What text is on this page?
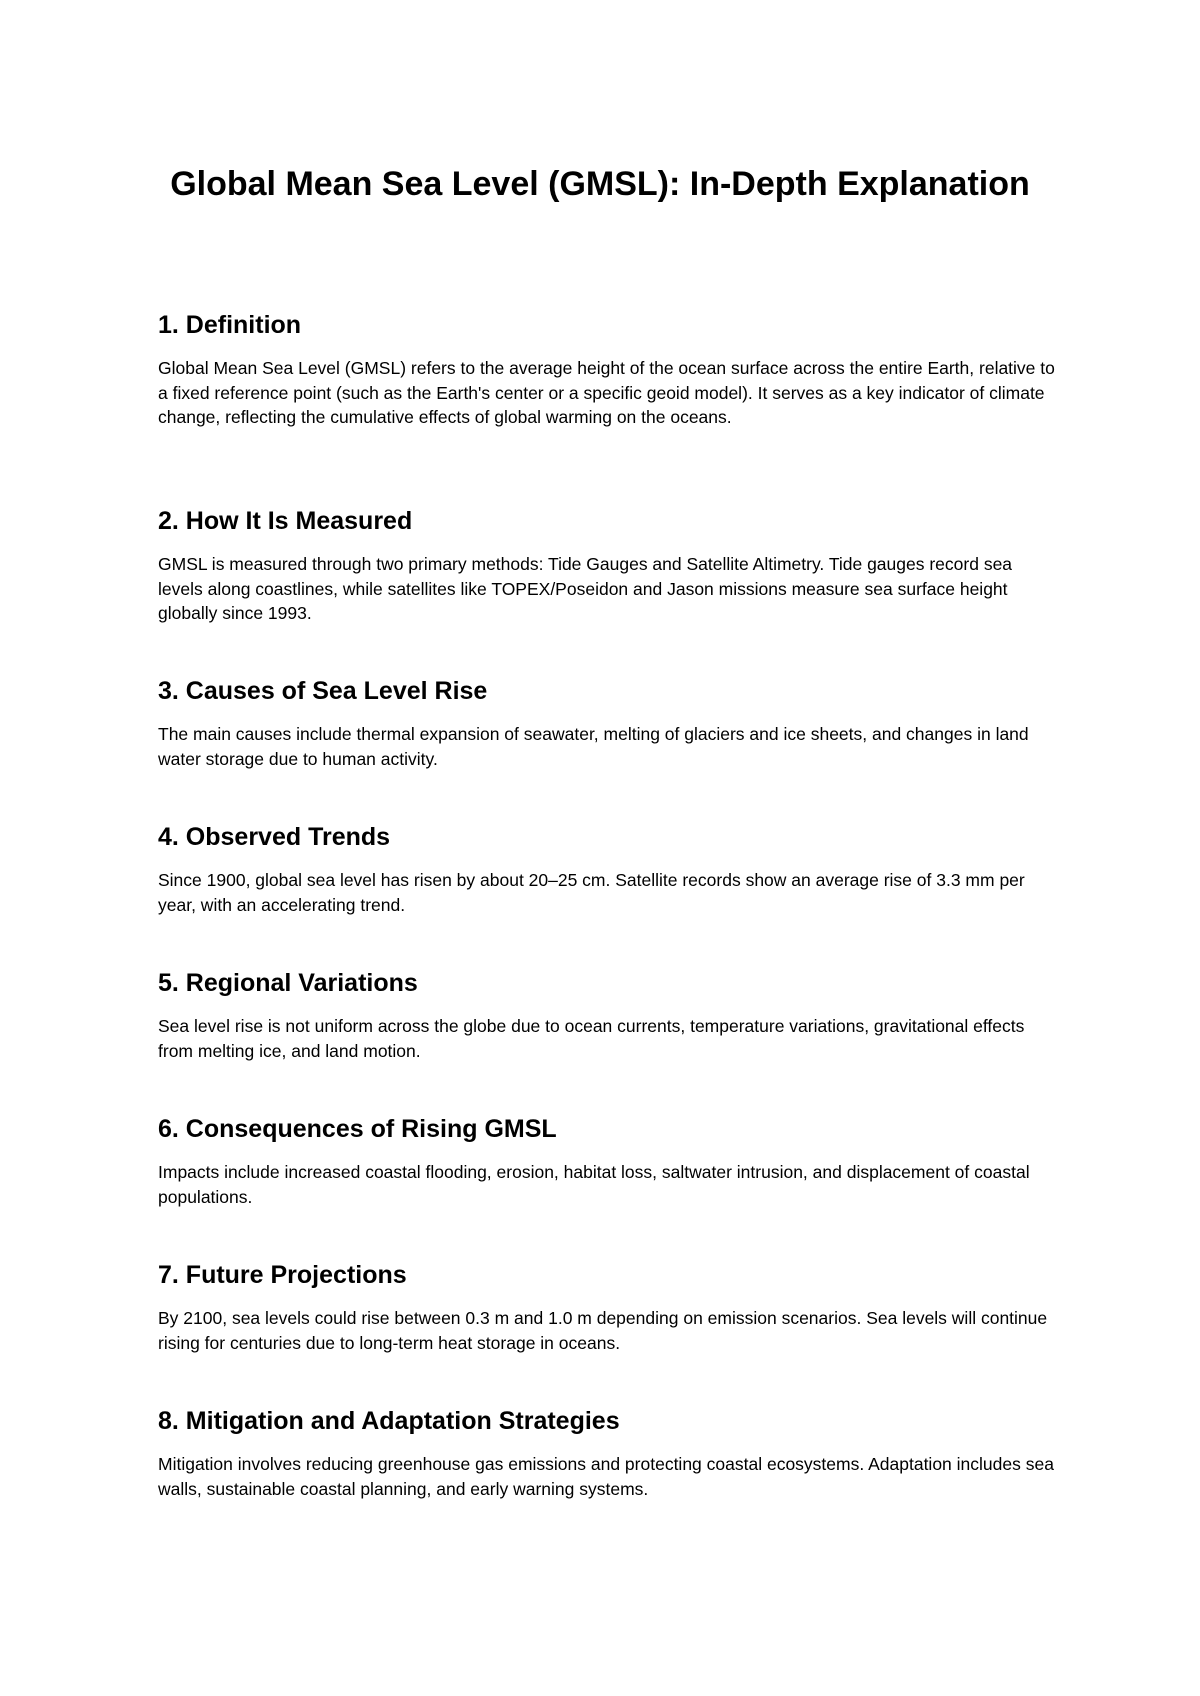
Global Mean Sea Level (GMSL): In-Depth Explanation
1. Definition

Global Mean Sea Level (GMSL) refers to the average height of the ocean surface across the entire Earth, relative to a fixed reference point (such as the Earth's center or a specific geoid model). It serves as a key indicator of climate change, reflecting the cumulative effects of global warming on the oceans.

2. How It Is Measured

GMSL is measured through two primary methods: Tide Gauges and Satellite Altimetry. Tide gauges record sea levels along coastlines, while satellites like TOPEX/Poseidon and Jason missions measure sea surface height globally since 1993.

3. Causes of Sea Level Rise

The main causes include thermal expansion of seawater, melting of glaciers and ice sheets, and changes in land water storage due to human activity.

4. Observed Trends

Since 1900, global sea level has risen by about 20–25 cm. Satellite records show an average rise of 3.3 mm per year, with an accelerating trend.

5. Regional Variations

Sea level rise is not uniform across the globe due to ocean currents, temperature variations, gravitational effects from melting ice, and land motion.

6. Consequences of Rising GMSL

Impacts include increased coastal flooding, erosion, habitat loss, saltwater intrusion, and displacement of coastal populations.

7. Future Projections

By 2100, sea levels could rise between 0.3 m and 1.0 m depending on emission scenarios. Sea levels will continue rising for centuries due to long-term heat storage in oceans.

8. Mitigation and Adaptation Strategies

Mitigation involves reducing greenhouse gas emissions and protecting coastal ecosystems. Adaptation includes sea walls, sustainable coastal planning, and early warning systems.
